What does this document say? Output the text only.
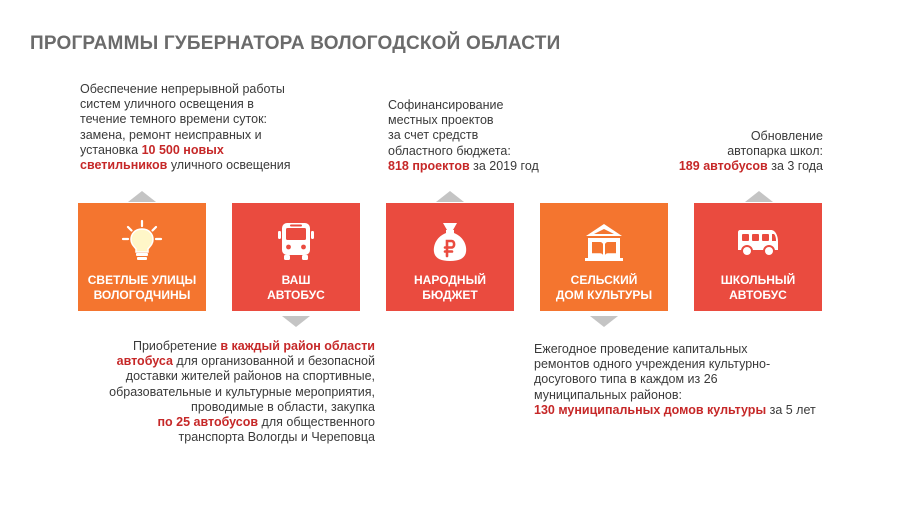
ПРОГРАММЫ ГУБЕРНАТОРА ВОЛОГОДСКОЙ ОБЛАСТИ
Обеспечение непрерывной работы
систем уличного освещения в
течение темного времени суток:
замена, ремонт неисправных и
установка 10 500 новых
светильников уличного освещения
Софинансирование
местных проектов
за счет средств
областного бюджета:
818 проектов за 2019 год
Обновление
автопарка школ:
189 автобусов за 3 года
СВЕТЛЫЕ УЛИЦЫ
ВОЛОГОДЧИНЫ
ВАШ
АВТОБУС
НАРОДНЫЙ
БЮДЖЕТ
СЕЛЬСКИЙ
ДОМ КУЛЬТУРЫ
ШКОЛЬНЫЙ
АВТОБУС
Приобретение в каждый район области
автобуса для организованной и безопасной
доставки жителей районов на спортивные,
образовательные и культурные мероприятия,
проводимые в области, закупка
по 25 автобусов для общественного
транспорта Вологды и Череповца
Ежегодное проведение капитальных
ремонтов одного учреждения культурно-
досугового типа в каждом из 26
муниципальных районов:
130 муниципальных домов культуры за 5 лет
